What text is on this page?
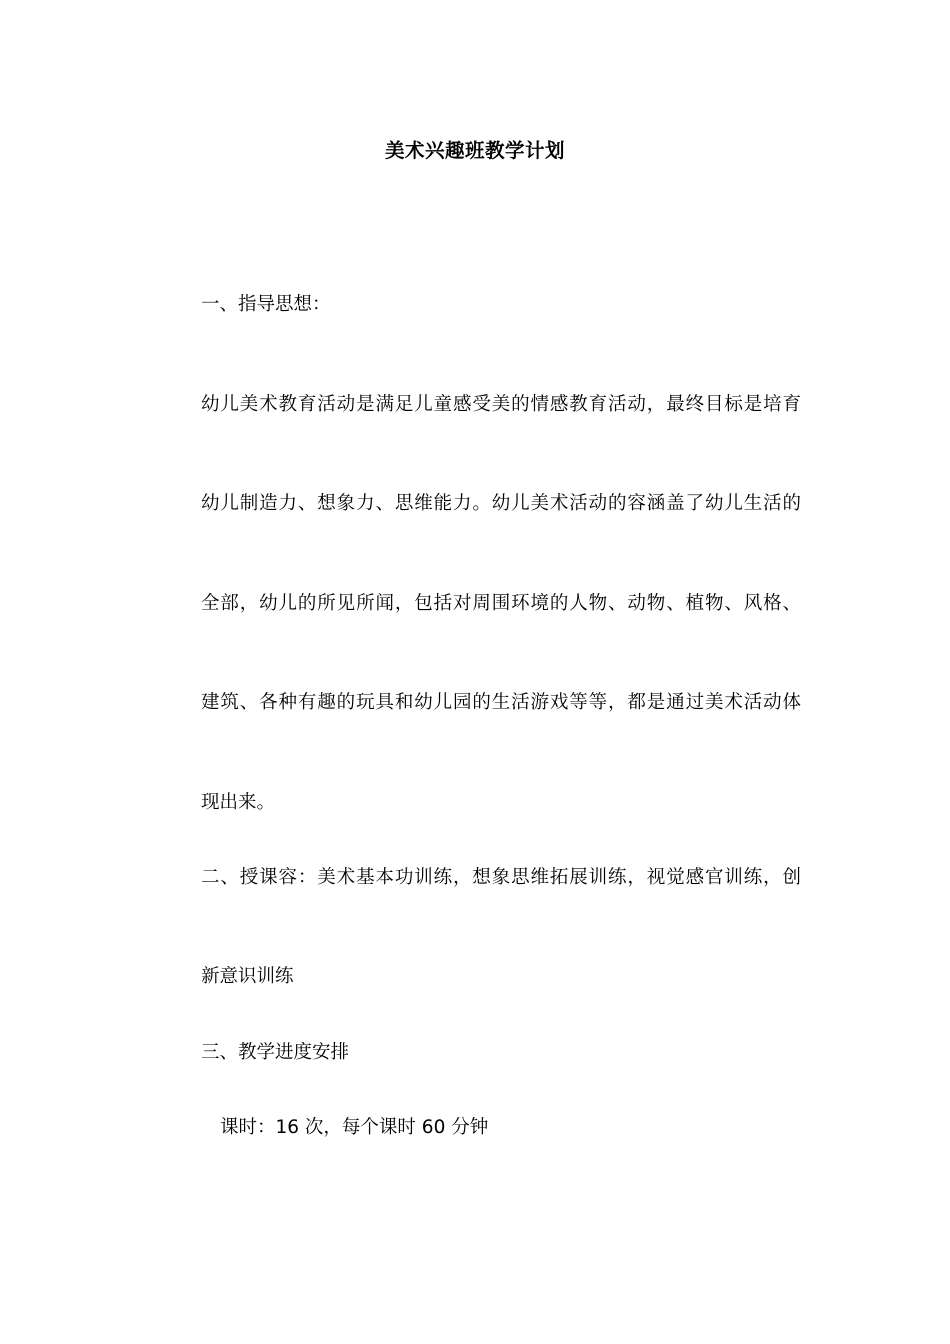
美术兴趣班教学计划
一、指导思想：
幼儿美术教育活动是满足儿童感受美的情感教育活动，最终目标是培育
幼儿制造力、想象力、思维能力。幼儿美术活动的容涵盖了幼儿生活的
全部，幼儿的所见所闻，包括对周围环境的人物、动物、植物、风格、
建筑、各种有趣的玩具和幼儿园的生活游戏等等，都是通过美术活动体
现出来。
二、授课容：美术基本功训练，想象思维拓展训练，视觉感官训练，创
新意识训练
三、教学进度安排
课时：16 次，每个课时 60 分钟
